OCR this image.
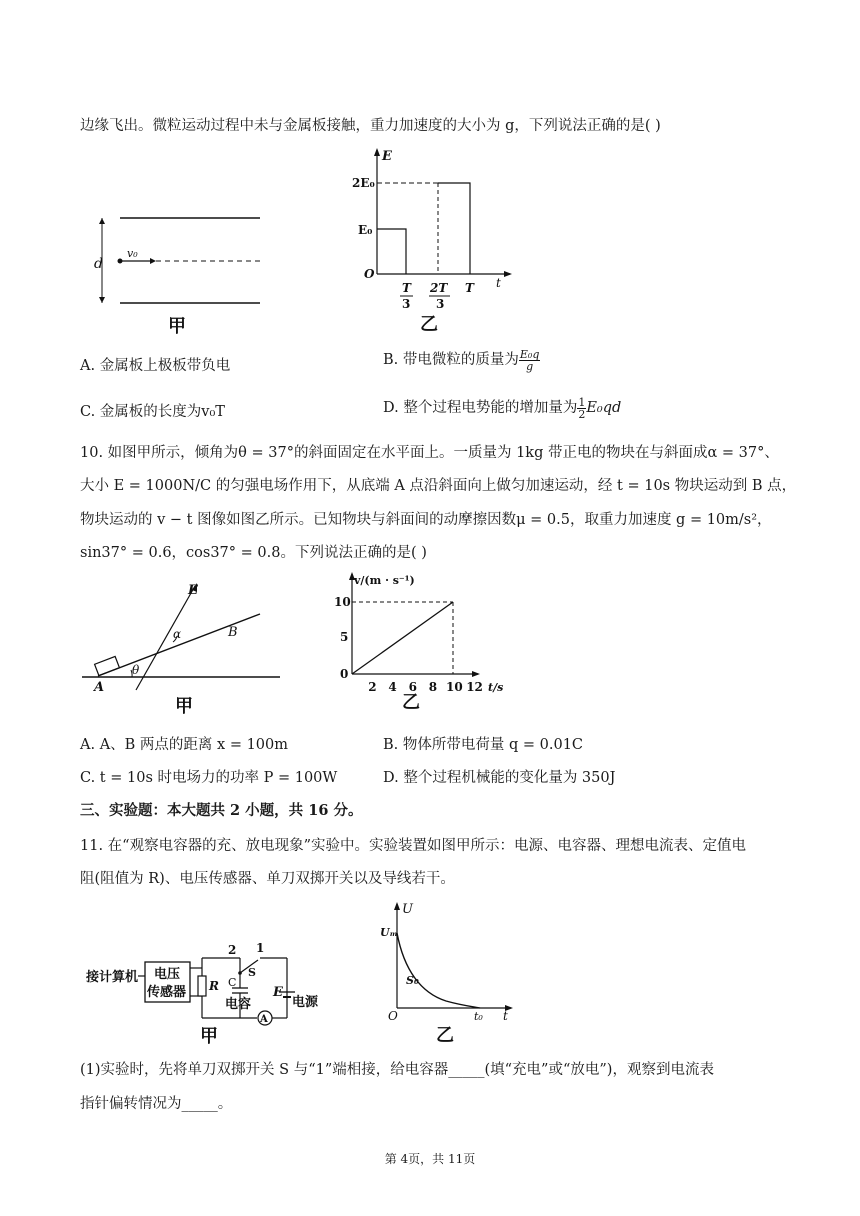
边缘飞出。微粒运动过程中未与金属板接触，重力加速度的大小为 g，下列说法正确的是( )
d
v₀
甲
E
2E₀
E₀
O
t
T
3
2T
3
T
乙
A. 金属板上极板带负电	B. 带电微粒的质量为 $\frac{\text{E₀q}}{g}$
C. 金属板的长度为v₀T	D. 整个过程电势能的增加量为 $\frac{1}{2} E_0qd$
10. 如图甲所示，倾角为θ = 37°的斜面固定在水平面上。一质量为 1kg 带正电的物块在与斜面成α = 37°、
大小 E = 1000N/C 的匀强电场作用下，从底端 A 点沿斜面向上做匀加速运动，经 t = 10s 物块运动到 B 点，
物块运动的 v − t 图像如图乙所示。已知物块与斜面间的动摩擦因数μ = 0.5，取重力加速度 g = 10m/s²，
sin37° = 0.6，cos37° = 0.8。下列说法正确的是( )
E
α	B
A
θ
甲
v/(m · s⁻¹)
10
5
0
2 4 6 8 10 12 t/s
乙
A. A、B 两点的距离 x = 100m	B. 物体所带电荷量 q = 0.01C
C. t = 10s 时电场力的功率 P = 100W	D. 整个过程机械能的变化量为 350J
三、实验题：本大题共 2 小题，共 16 分。
11. 在“观察电容器的充、放电现象”实验中。实验装置如图甲所示：电源、电容器、理想电流表、定值电
阻(阻值为 R)、电压传感器、单刀双掷开关以及导线若干。
接计算机 电压
传感器 R
2 1
S
C
电容
E
电源
A
甲
U
Uₘ
S₀
O	t₀ t
乙
(1)实验时，先将单刀双掷开关 S 与“1”端相接，给电容器_____(填“充电”或“放电”)，观察到电流表
指针偏转情况为_____。
第 4页，共 11页
